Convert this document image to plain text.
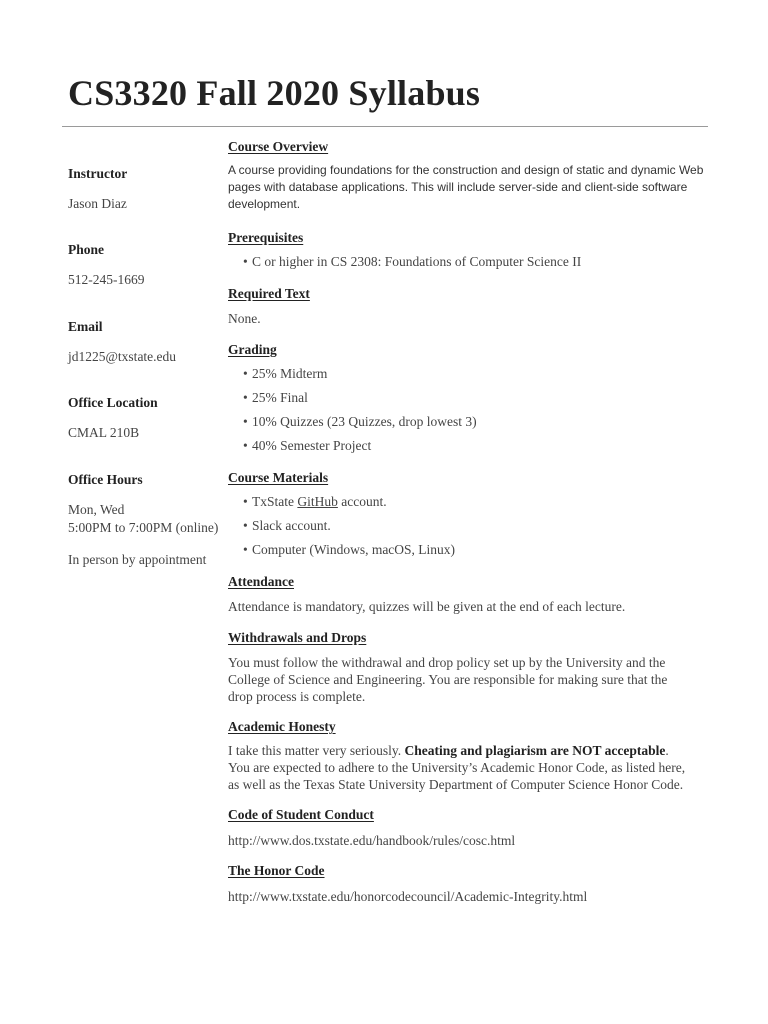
CS3320 Fall 2020 Syllabus
Instructor
Jason Diaz
Phone
512-245-1669
Email
jd1225@txstate.edu
Office Location
CMAL 210B
Office Hours
Mon, Wed
5:00PM to 7:00PM (online)
In person by appointment
Course Overview
A course providing foundations for the construction and design of static and dynamic Web pages with database applications. This will include server-side and client-side software development.
Prerequisites
• C or higher in CS 2308: Foundations of Computer Science II
Required Text
None.
Grading
• 25% Midterm
• 25% Final
• 10% Quizzes (23 Quizzes, drop lowest 3)
• 40% Semester Project
Course Materials
• TxState GitHub account.
• Slack account.
• Computer (Windows, macOS, Linux)
Attendance
Attendance is mandatory, quizzes will be given at the end of each lecture.
Withdrawals and Drops
You must follow the withdrawal and drop policy set up by the University and the
College of Science and Engineering. You are responsible for making sure that the
drop process is complete.
Academic Honesty
I take this matter very seriously. Cheating and plagiarism are NOT acceptable.
You are expected to adhere to the University’s Academic Honor Code, as listed here,
as well as the Texas State University Department of Computer Science Honor Code.
Code of Student Conduct
http://www.dos.txstate.edu/handbook/rules/cosc.html
The Honor Code
http://www.txstate.edu/honorcodecouncil/Academic-Integrity.html
